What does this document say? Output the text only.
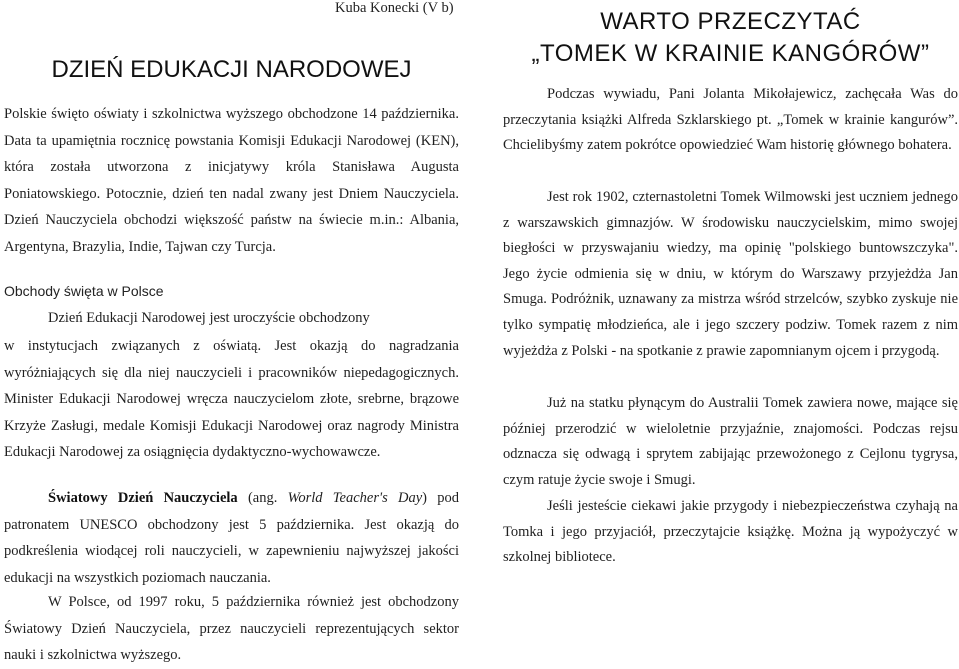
Kuba Konecki (V b)
DZIEŃ EDUKACJI NARODOWEJ

Polskie święto oświaty i szkolnictwa wyższego obchodzone 14 października. Data ta upamiętnia rocznicę powstania Komisji Edukacji Narodowej (KEN), która została utworzona z inicjatywy króla Stanisława Augusta Poniatowskiego. Potocznie, dzień ten nadal zwany jest Dniem Nauczyciela. Dzień Nauczyciela obchodzi większość państw na świecie m.in.: Albania, Argentyna, Brazylia, Indie, Tajwan czy Turcja.

Obchody święta w Polsce

Dzień Edukacji Narodowej jest uroczyście obchodzony

w instytucjach związanych z oświatą. Jest okazją do nagradzania wyróżniających się dla niej nauczycieli i pracowników niepedagogicznych. Minister Edukacji Narodowej wręcza nauczycielom złote, srebrne, brązowe Krzyże Zasługi, medale Komisji Edukacji Narodowej oraz nagrody Ministra Edukacji Narodowej za osiągnięcia dydaktyczno-wychowawcze.

Światowy Dzień Nauczyciela (ang. World Teacher's Day) pod patronatem UNESCO obchodzony jest 5 października. Jest okazją do podkreślenia wiodącej roli nauczycieli, w zapewnieniu najwyższej jakości edukacji na wszystkich poziomach nauczania.

W Polsce, od 1997 roku, 5 października również jest obchodzony Światowy Dzień Nauczyciela, przez nauczycieli reprezentujących sektor nauki i szkolnictwa wyższego.

WARTO PRZECZYTAĆ
„TOMEK W KRAINIE KANGÓRÓW”

Podczas wywiadu, Pani Jolanta Mikołajewicz, zachęcała Was do przeczytania książki Alfreda Szklarskiego pt. „Tomek w krainie kangurów”. Chcielibyśmy zatem pokrótce opowiedzieć Wam historię głównego bohatera.

Jest rok 1902, czternastoletni Tomek Wilmowski jest uczniem jednego z warszawskich gimnazjów. W środowisku nauczycielskim, mimo swojej biegłości w przyswajaniu wiedzy, ma opinię "polskiego buntowszczyka". Jego życie odmienia się w dniu, w którym do Warszawy przyjeżdża Jan Smuga. Podróżnik, uznawany za mistrza wśród strzelców, szybko zyskuje nie tylko sympatię młodzieńca, ale i jego szczery podziw. Tomek razem z nim wyjeżdża z Polski - na spotkanie z prawie zapomnianym ojcem i przygodą.

Już na statku płynącym do Australii Tomek zawiera nowe, mające się później przerodzić w wieloletnie przyjaźnie, znajomości. Podczas rejsu odznacza się odwagą i sprytem zabijając przewożonego z Cejlonu tygrysa, czym ratuje życie swoje i Smugi.

Jeśli jesteście ciekawi jakie przygody i niebezpieczeństwa czyhają na Tomka i jego przyjaciół, przeczytajcie książkę. Można ją wypożyczyć w szkolnej bibliotece.
